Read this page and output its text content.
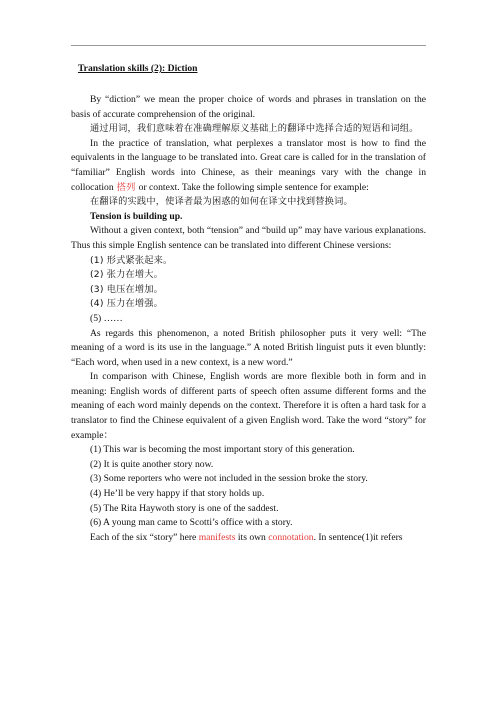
Translation skills (2): Diction

By “diction” we mean the proper choice of words and phrases in translation on the basis of accurate comprehension of the original.

通过用词，我们意味着在准确理解原义基础上的翻译中选择合适的短语和词组。

In the practice of translation, what perplexes a translator most is how to find the equivalents in the language to be translated into. Great care is called for in the translation of “familiar” English words into Chinese, as their meanings vary with the change in collocation 搭列 or context. Take the following simple sentence for example:

在翻译的实践中，使译者最为困惑的如何在译文中找到替换词。

Tension is building up.

Without a given context, both “tension” and “build up” may have various explanations. Thus this simple English sentence can be translated into different Chinese versions:

(1) 形式紧张起来。
(2) 张力在增大。
(3) 电压在增加。
(4) 压力在增强。
(5) ……

As regards this phenomenon, a noted British philosopher puts it very well: “The meaning of a word is its use in the language.” A noted British linguist puts it even bluntly: “Each word, when used in a new context, is a new word.”

In comparison with Chinese, English words are more flexible both in form and in meaning: English words of different parts of speech often assume different forms and the meaning of each word mainly depends on the context. Therefore it is often a hard task for a translator to find the Chinese equivalent of a given English word. Take the word “story” for example：

(1) This war is becoming the most important story of this generation.
(2) It is quite another story now.
(3) Some reporters who were not included in the session broke the story.
(4) He’ll be very happy if that story holds up.
(5) The Rita Haywoth story is one of the saddest.
(6) A young man came to Scotti’s office with a story.

Each of the six “story” here manifests its own connotation. In sentence(1)it refers
